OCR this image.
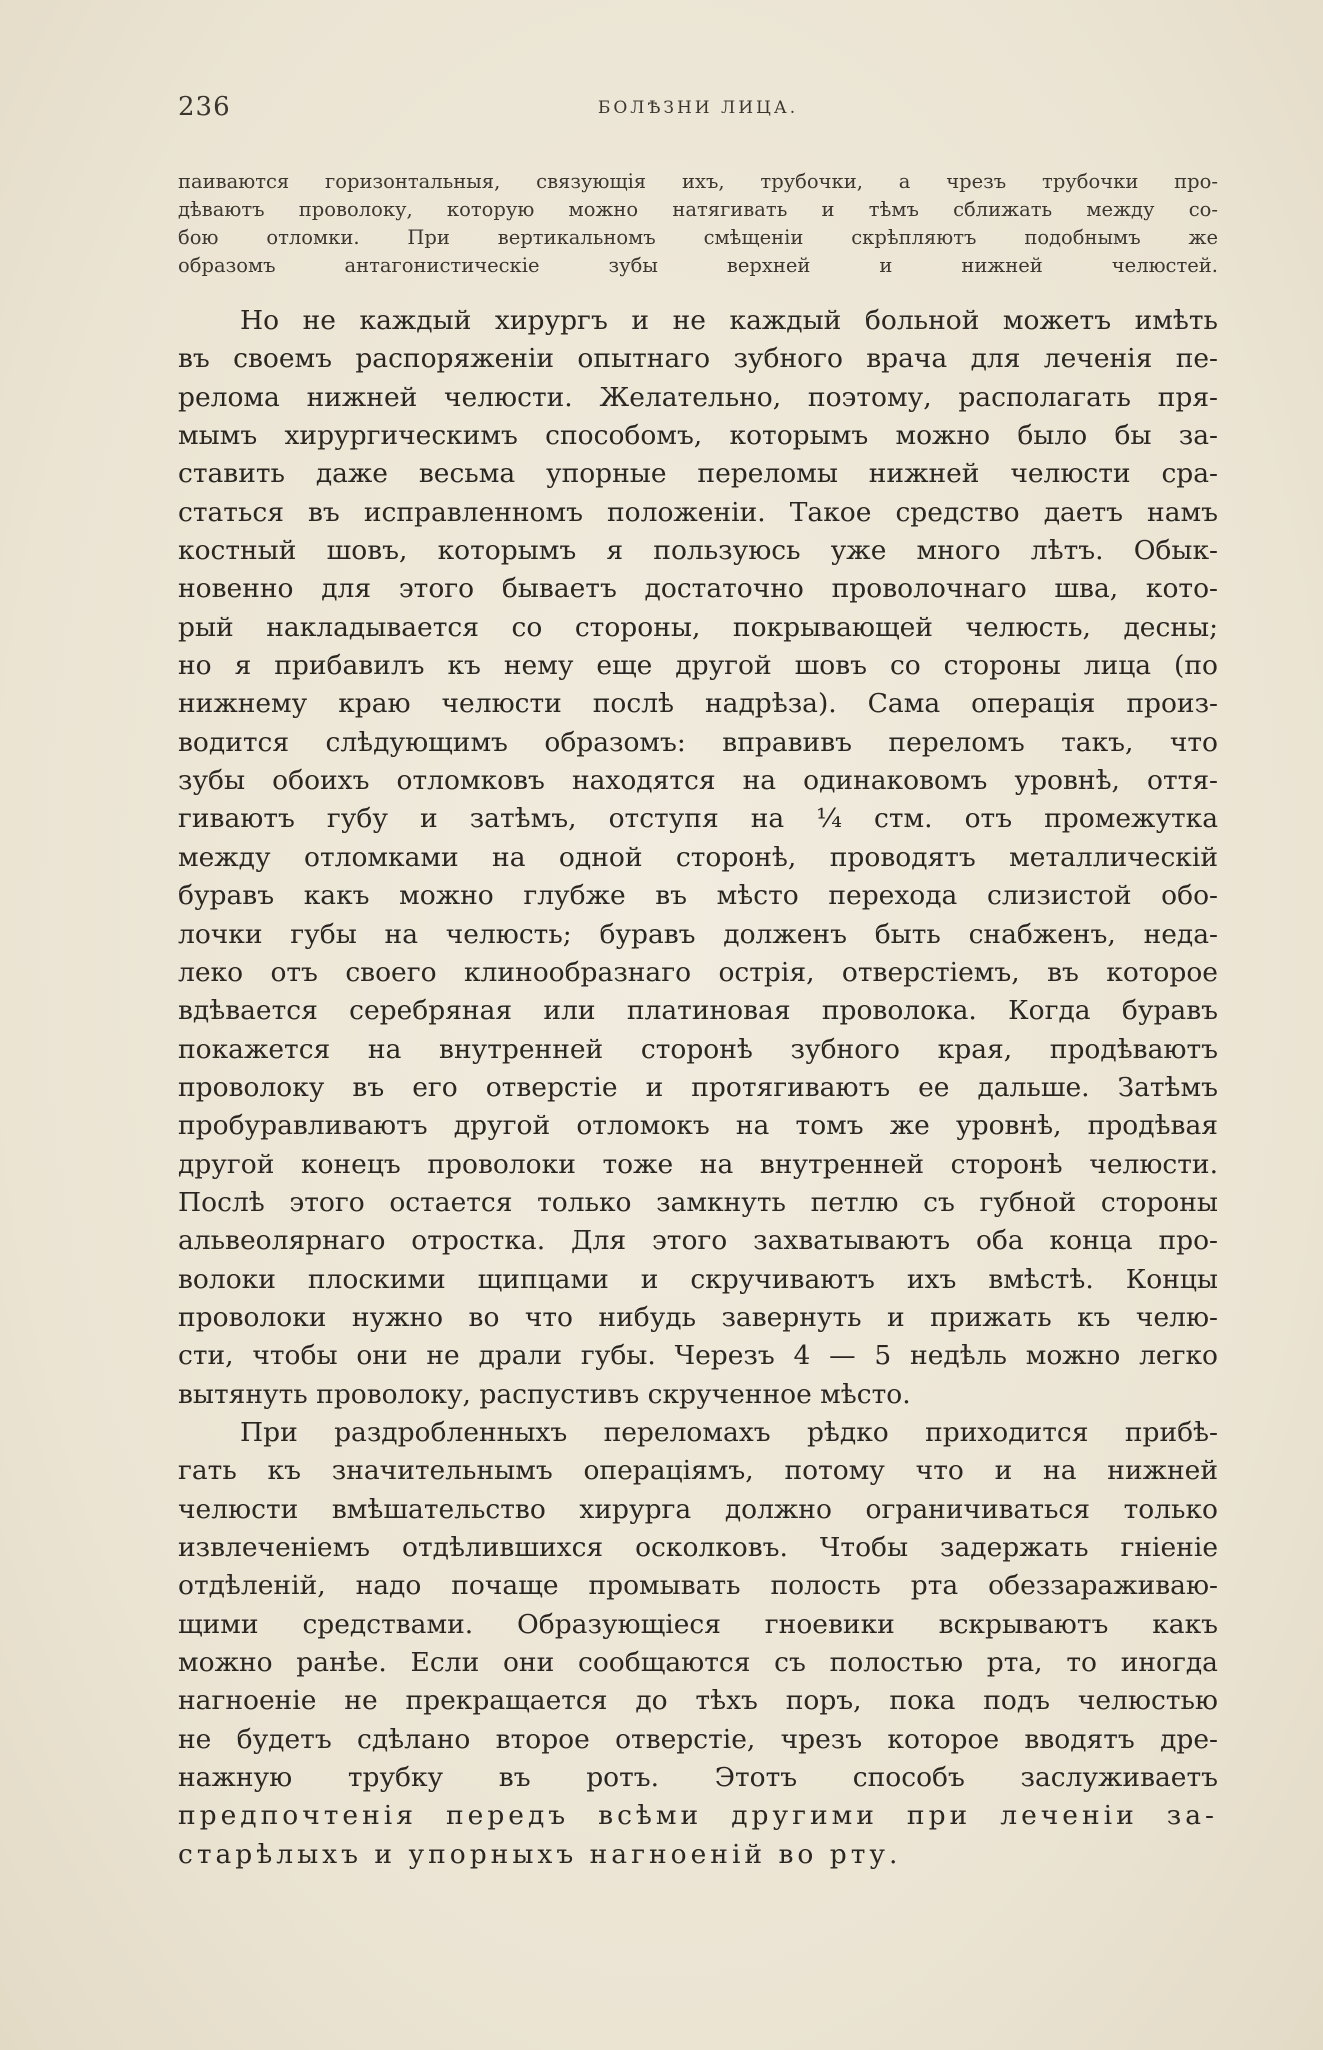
236	БОЛѢЗНИ ЛИЦА.
паиваются горизонтальныя, связующія ихъ, трубочки, а чрезъ трубочки про-
дѣваютъ проволоку, которую можно натягивать и тѣмъ сближать между со-
бою отломки. При вертикальномъ смѣщеніи скрѣпляютъ подобнымъ же
образомъ антагонистическіе зубы верхней и нижней челюстей.
Но не каждый хирургъ и не каждый больной можетъ имѣть
въ своемъ распоряженіи опытнаго зубного врача для леченія пе-
релома нижней челюсти. Желательно, поэтому, располагать пря-
мымъ хирургическимъ способомъ, которымъ можно было бы за-
ставить даже весьма упорные переломы нижней челюсти сра-
статься въ исправленномъ положеніи. Такое средство даетъ намъ
костный шовъ, которымъ я пользуюсь уже много лѣтъ. Обык-
новенно для этого бываетъ достаточно проволочнаго шва, кото-
рый накладывается со стороны, покрывающей челюсть, десны;
но я прибавилъ къ нему еще другой шовъ со стороны лица (по
нижнему краю челюсти послѣ надрѣза). Сама операція произ-
водится слѣдующимъ образомъ: вправивъ переломъ такъ, что
зубы обоихъ отломковъ находятся на одинаковомъ уровнѣ, оття-
гиваютъ губу и затѣмъ, отступя на ¼ стм. отъ промежутка
между отломками на одной сторонѣ, проводятъ металлическій
буравъ какъ можно глубже въ мѣсто перехода слизистой обо-
лочки губы на челюсть; буравъ долженъ быть снабженъ, неда-
леко отъ своего клинообразнаго острія, отверстіемъ, въ которое
вдѣвается серебряная или платиновая проволока. Когда буравъ
покажется на внутренней сторонѣ зубного края, продѣваютъ
проволоку въ его отверстіе и протягиваютъ ее дальше. Затѣмъ
пробуравливаютъ другой отломокъ на томъ же уровнѣ, продѣвая
другой конецъ проволоки тоже на внутренней сторонѣ челюсти.
Послѣ этого остается только замкнуть петлю съ губной стороны
альвеолярнаго отростка. Для этого захватываютъ оба конца про-
волоки плоскими щипцами и скручиваютъ ихъ вмѣстѣ. Концы
проволоки нужно во что нибудь завернуть и прижать къ челю-
сти, чтобы они не драли губы. Черезъ 4 — 5 недѣль можно легко
вытянуть проволоку, распустивъ скрученное мѣсто.
При раздробленныхъ переломахъ рѣдко приходится прибѣ-
гать къ значительнымъ операціямъ, потому что и на нижней
челюсти вмѣшательство хирурга должно ограничиваться только
извлеченіемъ отдѣлившихся осколковъ. Чтобы задержать гніеніе
отдѣленій, надо почаще промывать полость рта обеззараживаю-
щими средствами. Образующіеся гноевики вскрываютъ какъ
можно ранѣе. Если они сообщаются съ полостью рта, то иногда
нагноеніе не прекращается до тѣхъ поръ, пока подъ челюстью
не будетъ сдѣлано второе отверстіе, чрезъ которое вводятъ дре-
нажную трубку въ ротъ. Этотъ способъ заслуживаетъ
предпочтенія передъ всѣми другими при леченіи за-
старѣлыхъ и упорныхъ нагноеній во рту.
